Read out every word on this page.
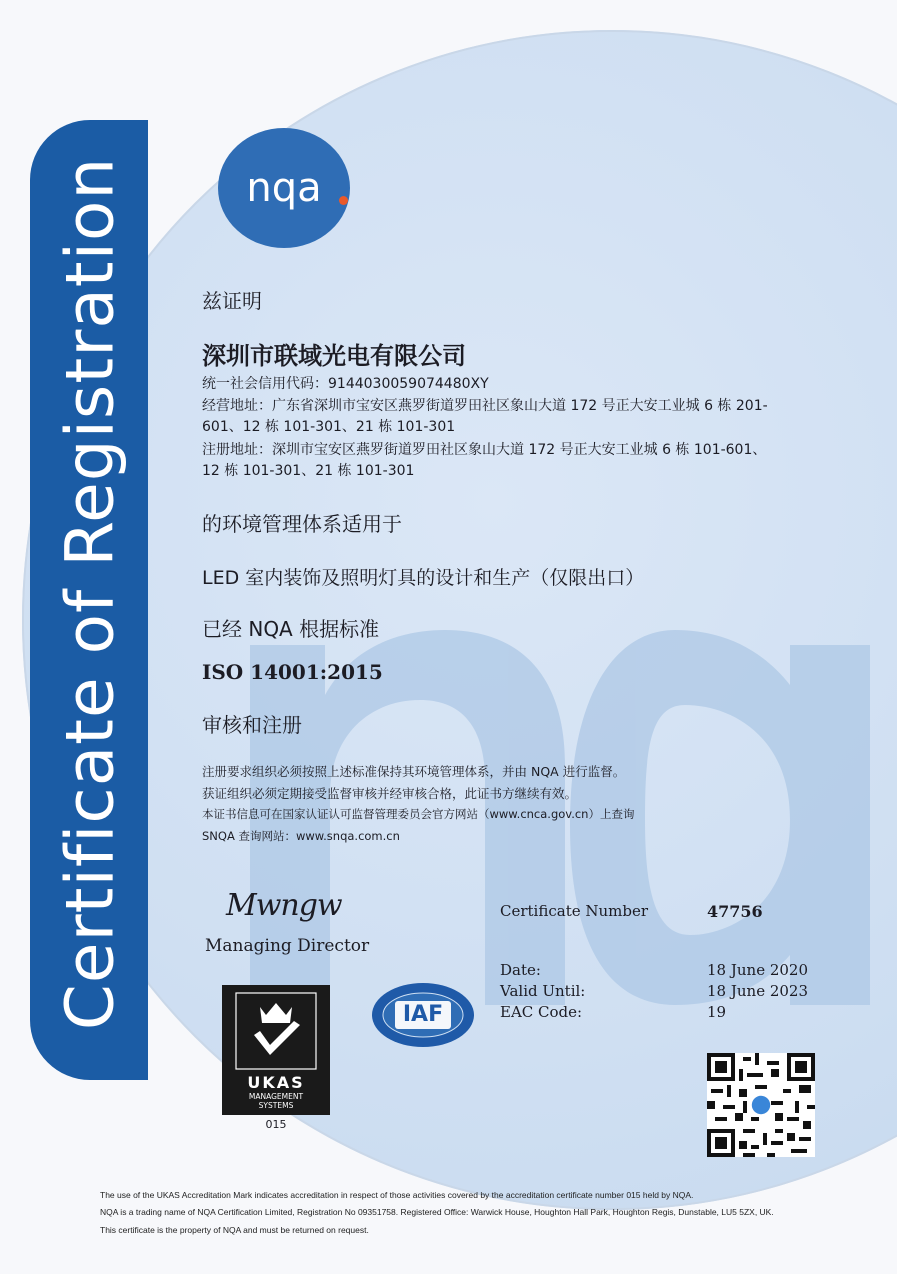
Certificate of Registration	nqa
兹证明
深圳市联域光电有限公司
统一社会信用代码：9144030059074480XY
经营地址：广东省深圳市宝安区燕罗街道罗田社区象山大道 172 号正大安工业城 6 栋 201-
601、12 栋 101-301、21 栋 101-301
注册地址：深圳市宝安区燕罗街道罗田社区象山大道 172 号正大安工业城 6 栋 101-601、
12 栋 101-301、21 栋 101-301
的环境管理体系适用于
LED 室内装饰及照明灯具的设计和生产（仅限出口）
已经 NQA 根据标准
ISO 14001:2015
审核和注册
注册要求组织必须按照上述标准保持其环境管理体系，并由 NQA 进行监督。
获证组织必须定期接受监督审核并经审核合格，此证书方继续有效。
本证书信息可在国家认证认可监督管理委员会官方网站（www.cnca.gov.cn）上查询
SNQA 查询网站：www.snqa.com.cn
Mwngw
Managing Director
Certificate Number	47756
Date:	18 June 2020
Valid Until:	18 June 2023
EAC Code:	19
UKAS
MANAGEMENT
SYSTEMS
015
IAF
The use of the UKAS Accreditation Mark indicates accreditation in respect of those activities covered by the accreditation certificate number 015 held by NQA.
NQA is a trading name of NQA Certification Limited, Registration No 09351758. Registered Office: Warwick House, Houghton Hall Park, Houghton Regis, Dunstable, LU5 5ZX, UK.
This certificate is the property of NQA and must be returned on request.
